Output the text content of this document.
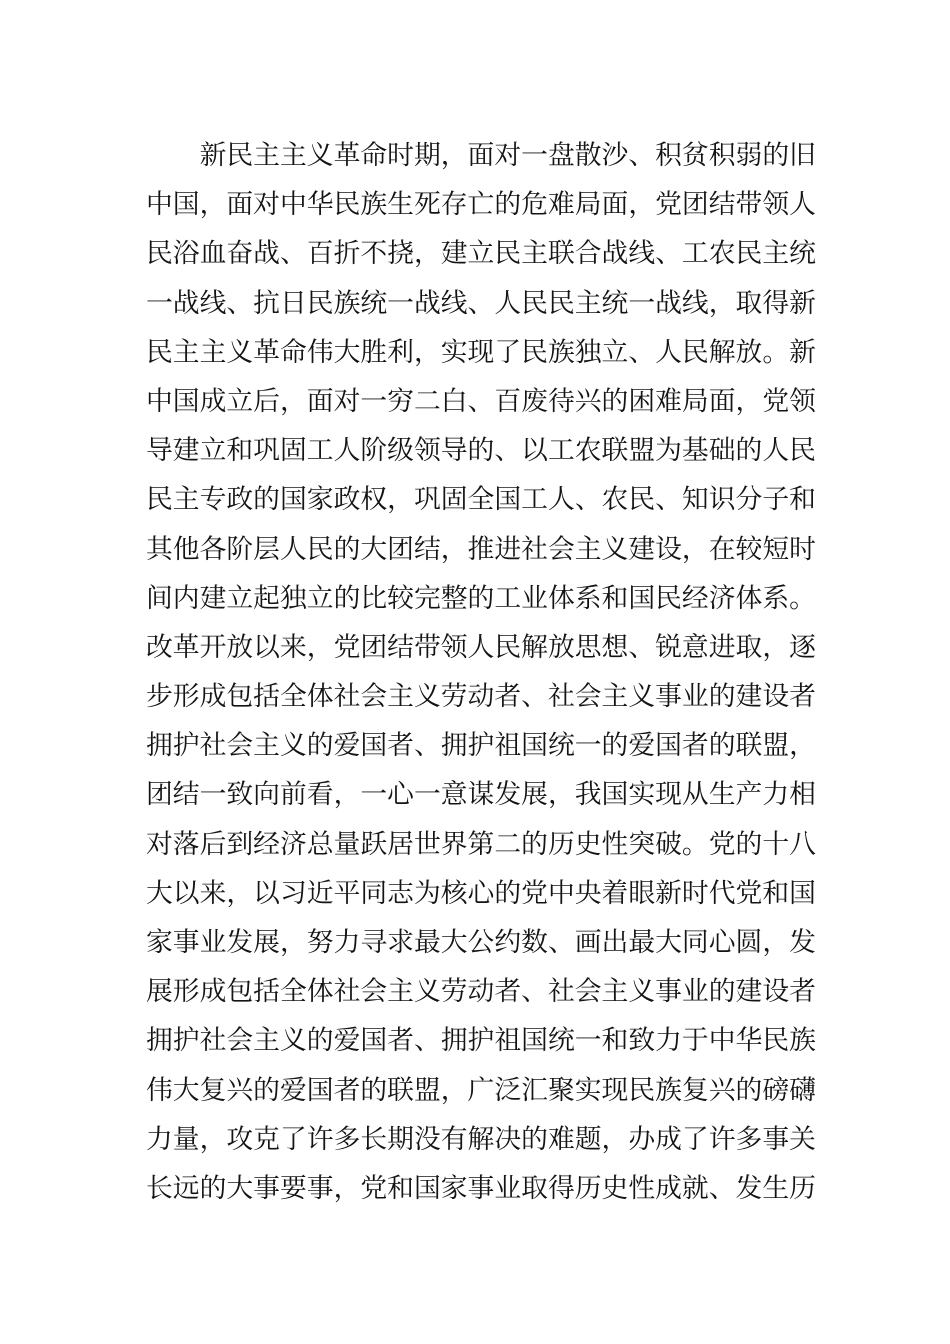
　　新民主主义革命时期，面对一盘散沙、积贫积弱的旧
中国，面对中华民族生死存亡的危难局面，党团结带领人
民浴血奋战、百折不挠，建立民主联合战线、工农民主统
一战线、抗日民族统一战线、人民民主统一战线，取得新
民主主义革命伟大胜利，实现了民族独立、人民解放。新
中国成立后，面对一穷二白、百废待兴的困难局面，党领
导建立和巩固工人阶级领导的、以工农联盟为基础的人民
民主专政的国家政权，巩固全国工人、农民、知识分子和
其他各阶层人民的大团结，推进社会主义建设，在较短时
间内建立起独立的比较完整的工业体系和国民经济体系。
改革开放以来，党团结带领人民解放思想、锐意进取，逐
步形成包括全体社会主义劳动者、社会主义事业的建设者
拥护社会主义的爱国者、拥护祖国统一的爱国者的联盟，
团结一致向前看，一心一意谋发展，我国实现从生产力相
对落后到经济总量跃居世界第二的历史性突破。党的十八
大以来，以习近平同志为核心的党中央着眼新时代党和国
家事业发展，努力寻求最大公约数、画出最大同心圆，发
展形成包括全体社会主义劳动者、社会主义事业的建设者
拥护社会主义的爱国者、拥护祖国统一和致力于中华民族
伟大复兴的爱国者的联盟，广泛汇聚实现民族复兴的磅礴
力量，攻克了许多长期没有解决的难题，办成了许多事关
长远的大事要事，党和国家事业取得历史性成就、发生历
